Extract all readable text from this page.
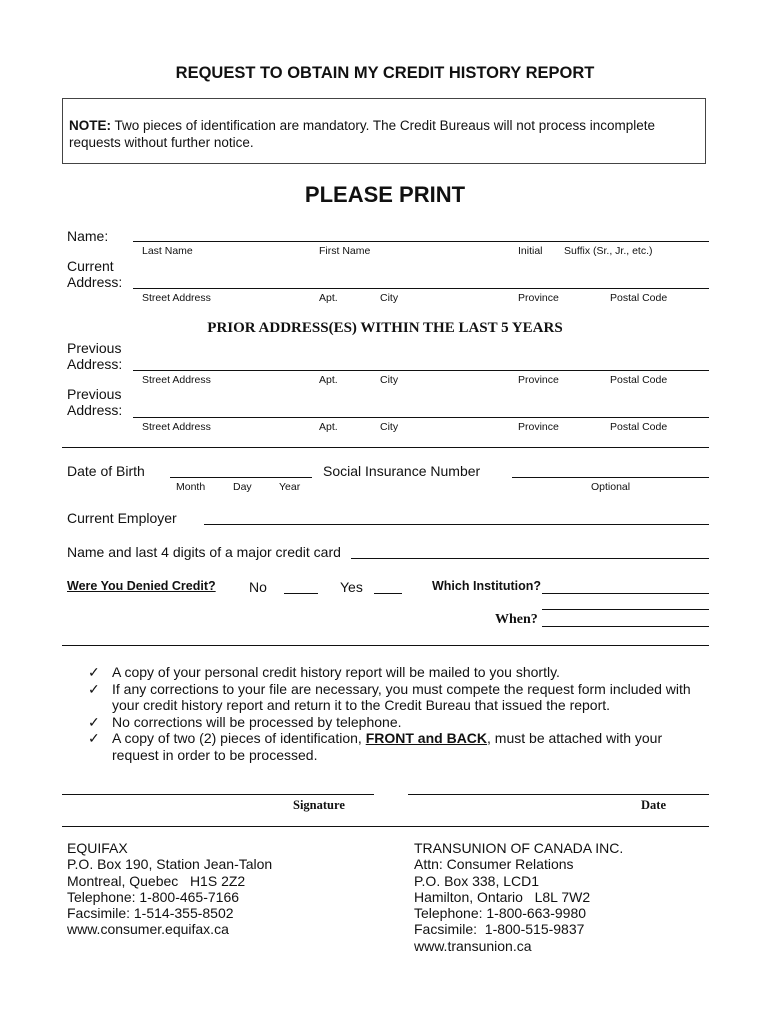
REQUEST TO OBTAIN MY CREDIT HISTORY REPORT
NOTE: Two pieces of identification are mandatory. The Credit Bureaus will not process incomplete requests without further notice.
PLEASE PRINT
Name:
Last Name	First Name	Initial Suffix (Sr., Jr., etc.)
Current
Address:
Street Address	Apt.	City	Province	Postal Code
PRIOR ADDRESS(ES) WITHIN THE LAST 5 YEARS
Previous
Address:
Street Address	Apt.	City	Province	Postal Code
Previous
Address:
Street Address	Apt.	City	Province	Postal Code
Date of Birth
Month	Day	Year
Social Insurance Number
Optional
Current Employer
Name and last 4 digits of a major credit card
Were You Denied Credit? No	Yes	Which Institution?
When?
✓ A copy of your personal credit history report will be mailed to you shortly.
✓ If any corrections to your file are necessary, you must compete the request form included with your credit history report and return it to the Credit Bureau that issued the report.
✓ No corrections will be processed by telephone.
✓ A copy of two (2) pieces of identification, FRONT and BACK, must be attached with your request in order to be processed.
Signature	Date
EQUIFAX
P.O. Box 190, Station Jean-Talon
Montreal, Quebec   H1S 2Z2
Telephone: 1-800-465-7166
Facsimile: 1-514-355-8502
www.consumer.equifax.ca
TRANSUNION OF CANADA INC.
Attn: Consumer Relations
P.O. Box 338, LCD1
Hamilton, Ontario   L8L 7W2
Telephone: 1-800-663-9980
Facsimile:  1-800-515-9837
www.transunion.ca
